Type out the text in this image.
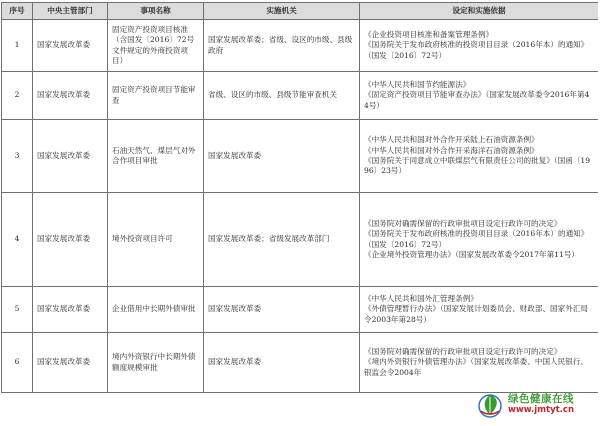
序号	中央主管部门	事项名称	实施机关	设定和实施依据
1	国家发展改革委	固定资产投资项目核准（含国发〔2016〕72号文件规定的外商投资项目）	国家发展改革委；省级、设区的市级、县级政府	《企业投资项目核准和备案管理条例》
《国务院关于发布政府核准的投资项目目录（2016年本）的通知》（国发〔2016〕72号）

2	国家发展改革委	固定资产投资项目节能审查	省级、设区的市级、县级节能审查机关	《中华人民共和国节约能源法》
《固定资产投资项目节能审查办法》（国家发展改革委令2016年第44号）

3	国家发展改革委	石油天然气、煤层气对外合作项目审批	国家发展改革委	《中华人民共和国对外合作开采陆上石油资源条例》
《中华人民共和国对外合作开采海洋石油资源条例》
《国务院关于同意成立中联煤层气有限责任公司的批复》（国函〔1996〕23号）

4	国家发展改革委	境外投资项目许可	国家发展改革委；省级发展改革部门	《国务院对确需保留的行政审批项目设定行政许可的决定》
《国务院关于发布政府核准的投资项目目录（2016年本）的通知》（国发〔2016〕72号）
《企业境外投资管理办法》（国家发展改革委令2017年第11号）

5	国家发展改革委	企业借用中长期外债审批	国家发展改革委	《中华人民共和国外汇管理条例》
《外债管理暂行办法》（国家发展计划委员会、财政部、国家外汇局令2003年第28号）

6	国家发展改革委	境内外资银行中长期外债额度规模审批	国家发展改革委	《国务院对确需保留的行政审批项目设定行政许可的决定》
《境内外资银行外债管理办法》（国家发展改革委、中国人民银行、银监会令2004年
绿色健康在线
www.jmtyt.cn
